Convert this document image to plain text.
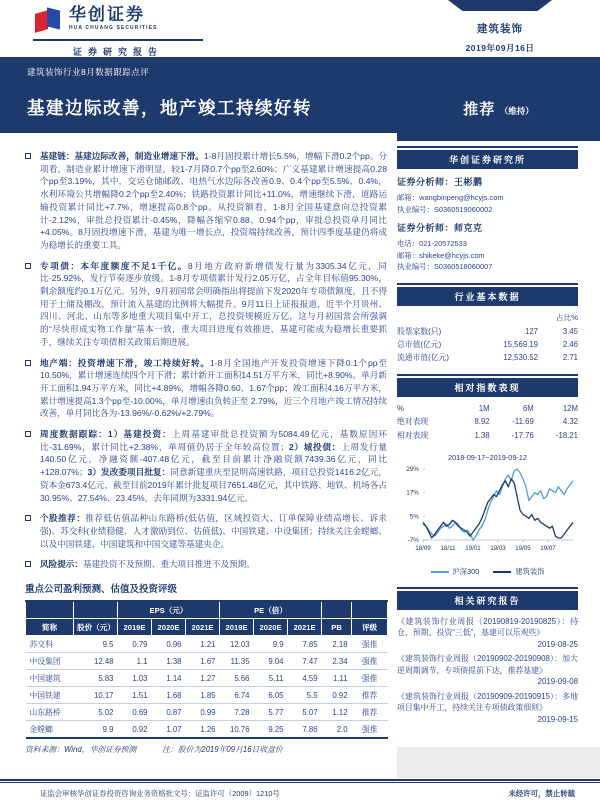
华创证券
HUA CHUANG SECURITIES
证券研究报告
建筑装饰
2019年09月16日
建筑装饰行业8月数据跟踪点评
基建边际改善，地产竣工持续好转	推荐 （维持）

基建链：基建边际改善，制造业增速下滑。1-8月固投累计增长5.5%，增幅下滑0.2个pp。分项看，制造业累计增速下滑明显，较1-7月降0.7个pp至2.60%；广义基建累计增速提高0.28个pp至3.19%，其中，交运仓储邮政、电热气水边际各改善0.9、0.4个pp至5.5%、0.4%，水利环境公共增幅降0.2个pp至2.40%；铁路投资累计同比+11.0%，增速继续下滑，道路运输投资累计同比+7.7%，增速提高0.8个pp。从投资额看，1-8月全国基建意向总投资累计-2.12%，审批总投资累计-0.45%，降幅各缩窄0.88、0.94个pp，审批总投资单月同比+4.05%。8月固投增速下滑，基建为唯一增长点，投资端持续改善，预计四季度基建仍将成为稳增长的重要工具。

专项债：本年度额度不足1千亿。8月地方政府新增债发行量为3305.34亿元，同比-25.92%，发行节奏逐步放缓。1-8月专项债累计发行2.05万亿，占全年目标值95.30%，剩余额度约0.1万亿元。另外，9月初国常会明确指出将提前下发2020年专项债额度，且不得用于土储及棚改，预计流入基建的比例将大幅提升。9月11日上证报报道，近半个月贵州、四川、河北、山东等多地重大项目集中开工，总投资规模近万亿，这与月初国常会所强调的“尽快形成实物工作量”基本一致，重大项目进度有效推进，基建可能成为稳增长重要抓手，继续关注专项债相关政策后期进展。

地产端：投资增速下滑，竣工持续好转。1-8月全国地产开发投资增速下降0.1个pp至10.50%，累计增速连续四个月下滑；累计新开工面积14.51万平方米，同比+8.90%。单月新开工面积1.94万平方米，同比+4.89%，增幅各降0.60、1.67个pp；竣工面积4.16万平方米，累计增速提高1.3个pp至-10.00%，单月增速由负转正至 2.79%，近三个月地产竣工情况持续改善，单月同比各为-13.96%/-0.62%/+2.79%。

周度数据跟踪：1）基建投资：上周基建审批总投资额为5084.49亿元，基数原因环比-31.69%，累计同比+2.38%，单周值仍居于全年较高位置；2）城投债：上周发行量140.50亿元，净融资额-407.48亿元，截至目前累计净融资额7439.36亿元，同比+128.07%；3）发改委项目批复：同意新建重庆至昆明高速铁路，项目总投资1416.2亿元，资本金673.4亿元，截至目前2019年累计批复项目7651.48亿元，其中铁路、地铁、机场各占30.95%、27.54%、23.45%，去年同期为3331.94亿元。

个股推荐：推荐低估值品种山东路桥(低估值，区域投资大、订单保障业绩高增长、诉求强)、苏交科(业绩稳健、人才激励到位、估值低)、中国铁建、中设集团；持续关注金螳螂、以及中国铁建、中国建筑和中国交建等基建央企。

风险提示：基建投资不及预期、重大项目推进不及预期。

重点公司盈利预测、估值及投资评级
		EPS（元）			PE（倍）				
简称	股价（元）	2019E	2020E	2021E	2019E	2020E	2021E	PB	评级
苏交科	9.5	0.79	0.96	1.21	12.03	9.9	7.85	2.18	强推
中设集团	12.48	1.1	1.38	1.67	11.35	9.04	7.47	2.34	强推
中国建筑	5.83	1.03	1.14	1.27	5.66	5.11	4.59	1.11	强推
中国铁建	10.17	1.51	1.68	1.85	6.74	6.05	5.5	0.92	推荐
山东路桥	5.02	0.69	0.87	0.99	7.28	5.77	5.07	1.12	推荐
金螳螂	9.9	0.92	1.07	1.26	10.76	9.25	7.86	2.0	强推
资料来源：Wind，华创证券预测	注：股价为2019年09月16日收盘价
华创证券研究所
证券分析师：王彬鹏
邮箱：wangbinpeng@hcyjs.com
执业编号：S0360519060002
证券分析师：师克克
电话：021-20572533
邮箱：shikeke@hcyjs.com
执业编号：S0360518060007
行业基本数据
占比%
股票家数(只)	127	3.45
总市值(亿元)	15,569.19	2.46
流通市值(亿元)	12,530.52	2.71
相对指数表现
%	1M	6M	12M
绝对表现	8.92	-11.69	4.32
相对表现	1.38	-17.76	-18.21
2018-09-17~2019-09-12
29%
17%
5%
-7%
18/09 18/11 19/01 19/03 19/05 19/07
沪深300	建筑装饰
相关研究报告
《建筑装饰行业周报（20190819-20190825）：持仓、预期、投资“三低”，基建可以乐观些》
2019-08-25
《建筑装饰行业周报（20190902-20190908）：加大逆周期调节，专项债提前下达，推荐基建》
2019-09-08
《建筑装饰行业周报（20190909-20190915）：多地项目集中开工，持续关注专项债政策细则》
2019-09-15
证监会审核华创证券投资咨询业务资格批文号：证监许可（2009）1210号	未经许可，禁止转载
